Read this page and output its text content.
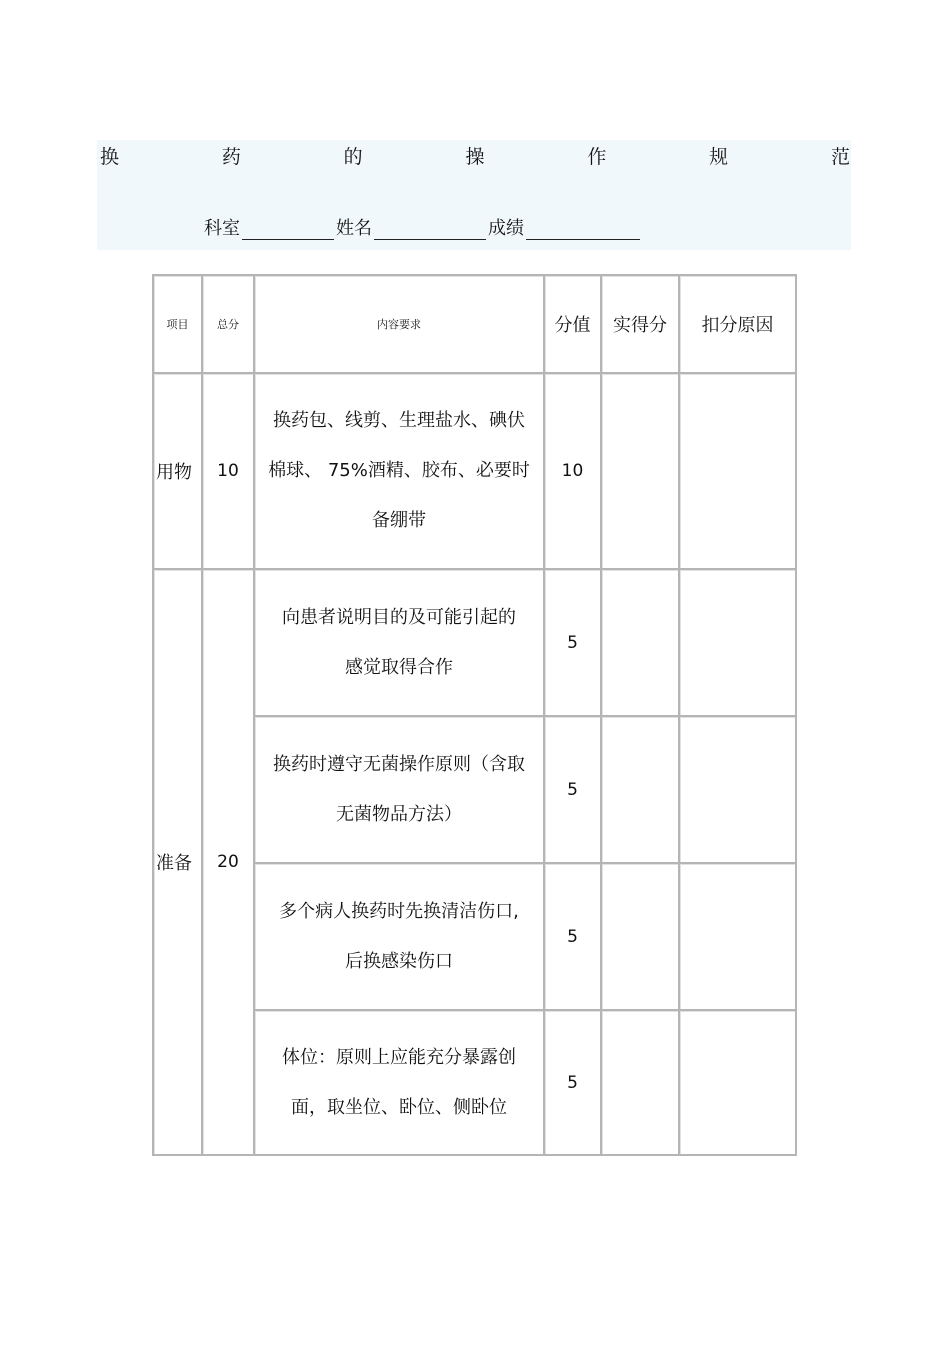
换	药	的	操	作	规	范
科室	姓名	成绩
项目	总分	内容要求	分值	实得分	扣分原因
用物	10	换药包、线剪、生理盐水、碘伏
棉球、 75%酒精、胶布、必要时
备绷带	10		
准备	20	向患者说明目的及可能引起的
感觉取得合作	5		

		换药时遵守无菌操作原则（含取
无菌物品方法）	5		

		多个病人换药时先换清洁伤口,
后换感染伤口	5		

		体位：原则上应能充分暴露创
面，取坐位、卧位、侧卧位	5		
